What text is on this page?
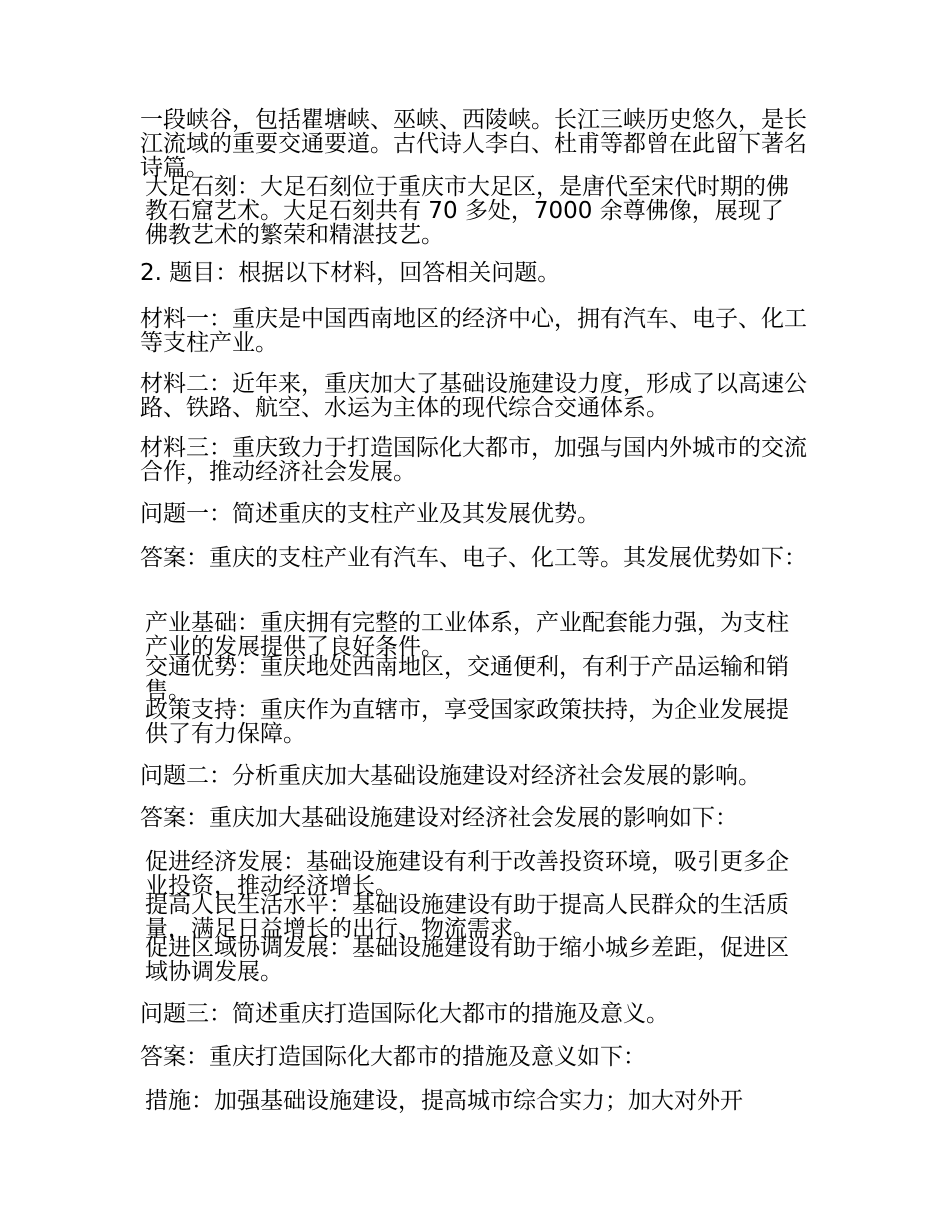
一段峡谷，包括瞿塘峡、巫峡、西陵峡。长江三峡历史悠久，是长江流域的重要交通要道。古代诗人李白、杜甫等都曾在此留下著名诗篇。
大足石刻：大足石刻位于重庆市大足区，是唐代至宋代时期的佛教石窟艺术。大足石刻共有 70 多处，7000 余尊佛像，展现了佛教艺术的繁荣和精湛技艺。
2. 题目：根据以下材料，回答相关问题。
材料一：重庆是中国西南地区的经济中心，拥有汽车、电子、化工等支柱产业。
材料二：近年来，重庆加大了基础设施建设力度，形成了以高速公路、铁路、航空、水运为主体的现代综合交通体系。
材料三：重庆致力于打造国际化大都市，加强与国内外城市的交流合作，推动经济社会发展。
问题一：简述重庆的支柱产业及其发展优势。
答案：重庆的支柱产业有汽车、电子、化工等。其发展优势如下：
产业基础：重庆拥有完整的工业体系，产业配套能力强，为支柱产业的发展提供了良好条件。
交通优势：重庆地处西南地区，交通便利，有利于产品运输和销售。
政策支持：重庆作为直辖市，享受国家政策扶持，为企业发展提供了有力保障。
问题二：分析重庆加大基础设施建设对经济社会发展的影响。
答案：重庆加大基础设施建设对经济社会发展的影响如下：
促进经济发展：基础设施建设有利于改善投资环境，吸引更多企业投资，推动经济增长。
提高人民生活水平：基础设施建设有助于提高人民群众的生活质量，满足日益增长的出行、物流需求。
促进区域协调发展：基础设施建设有助于缩小城乡差距，促进区域协调发展。
问题三：简述重庆打造国际化大都市的措施及意义。
答案：重庆打造国际化大都市的措施及意义如下：
措施：加强基础设施建设，提高城市综合实力；加大对外开
